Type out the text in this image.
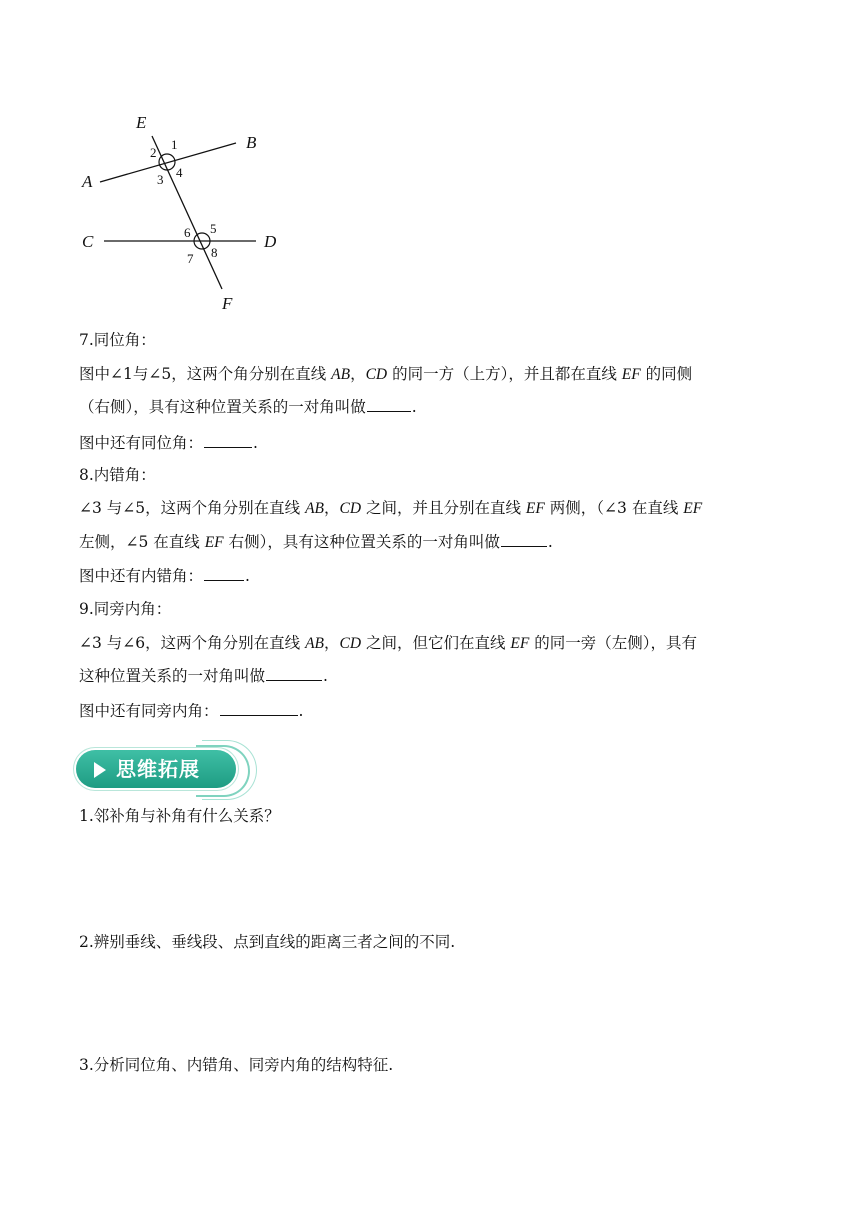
E
B
A
C	D
F
1
2
3 4
5
6
7 8
7.同位角：
图中∠1与∠5，这两个角分别在直线 AB，CD 的同一方（上方），并且都在直线 EF 的同侧
（右侧），具有这种位置关系的一对角叫做	.
图中还有同位角：	.
8.内错角：
∠3 与∠5，这两个角分别在直线 AB，CD 之间，并且分别在直线 EF 两侧，（∠3 在直线 EF
左侧，∠5 在直线 EF 右侧），具有这种位置关系的一对角叫做	.
图中还有内错角：	.
9.同旁内角：
∠3 与∠6，这两个角分别在直线 AB，CD 之间，但它们在直线 EF 的同一旁（左侧），具有
这种位置关系的一对角叫做	.
图中还有同旁内角：	.
思维拓展
1.邻补角与补角有什么关系？
2.辨别垂线、垂线段、点到直线的距离三者之间的不同.
3.分析同位角、内错角、同旁内角的结构特征.
